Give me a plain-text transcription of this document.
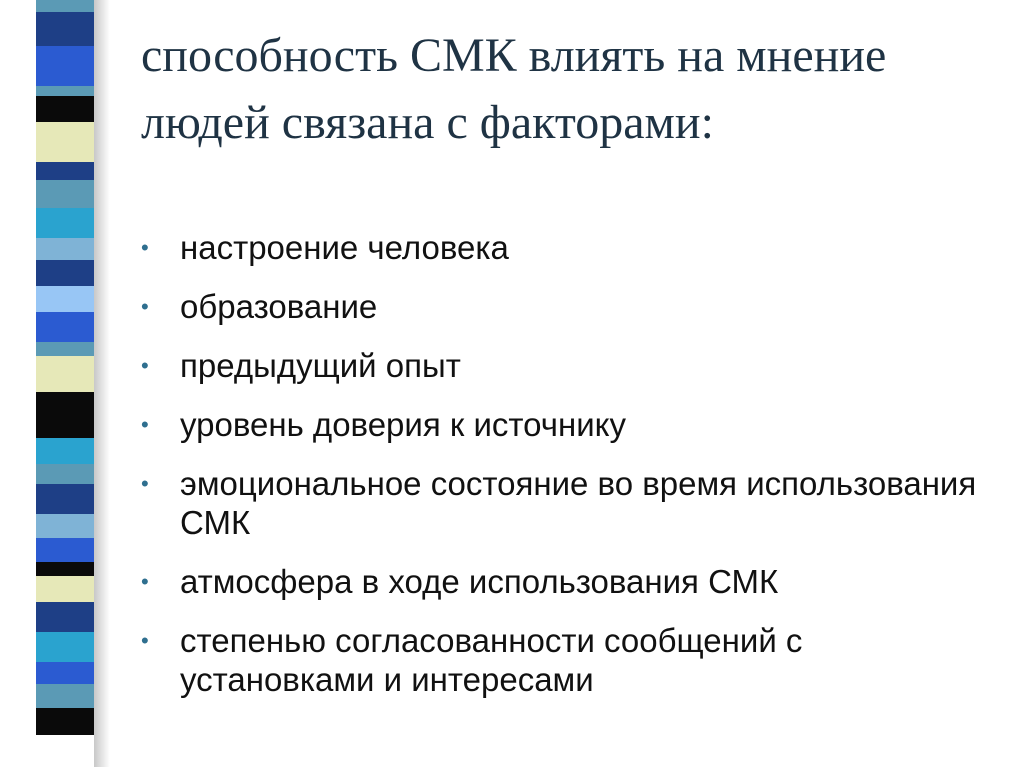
способность СМК влиять на мнение людей связана с факторами:
• настроение человека
• образование
• предыдущий опыт
• уровень доверия к источнику
• эмоциональное состояние во время использования СМК
• атмосфера в ходе использования СМК
• степенью согласованности сообщений с установками и интересами
